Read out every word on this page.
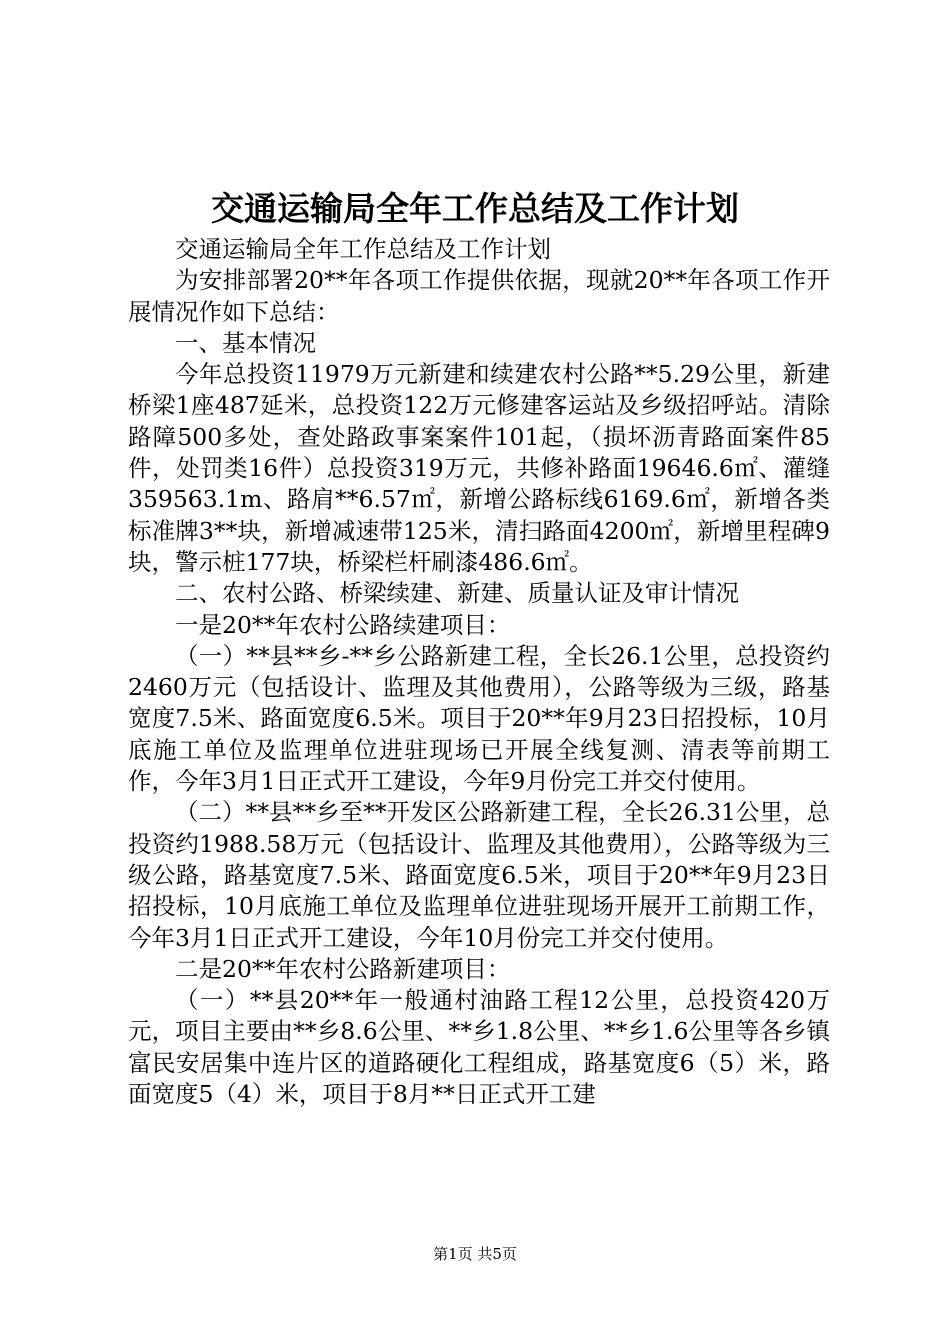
交通运输局全年工作总结及工作计划

交通运输局全年工作总结及工作计划

为安排部署20**年各项工作提供依据，现就20**年各项工作开展情况作如下总结：

一、基本情况

今年总投资11979万元新建和续建农村公路**5.29公里，新建桥梁1座487延米，总投资122万元修建客运站及乡级招呼站。清除路障500多处，查处路政事案案件101起，（损坏沥青路面案件85件，处罚类16件）总投资319万元，共修补路面19646.6㎡、灌缝359563.1m、路肩**6.57㎡，新增公路标线6169.6㎡，新增各类标准牌3**块，新增减速带125米，清扫路面4200㎡，新增里程碑9块，警示桩177块，桥梁栏杆刷漆486.6㎡。

二、农村公路、桥梁续建、新建、质量认证及审计情况

一是20**年农村公路续建项目：

（一）**县**乡-**乡公路新建工程，全长26.1公里，总投资约2460万元（包括设计、监理及其他费用），公路等级为三级，路基宽度7.5米、路面宽度6.5米。项目于20**年9月23日招投标，10月底施工单位及监理单位进驻现场已开展全线复测、清表等前期工作，今年3月1日正式开工建设，今年9月份完工并交付使用。

（二）**县**乡至**开发区公路新建工程，全长26.31公里，总投资约1988.58万元（包括设计、监理及其他费用），公路等级为三级公路，路基宽度7.5米、路面宽度6.5米，项目于20**年9月23日招投标，10月底施工单位及监理单位进驻现场开展开工前期工作，今年3月1日正式开工建设，今年10月份完工并交付使用。

二是20**年农村公路新建项目：

（一）**县20**年一般通村油路工程12公里，总投资420万元，项目主要由**乡8.6公里、**乡1.8公里、**乡1.6公里等各乡镇富民安居集中连片区的道路硬化工程组成，路基宽度6（5）米，路面宽度5（4）米，项目于8月**日正式开工建

第1页 共5页
